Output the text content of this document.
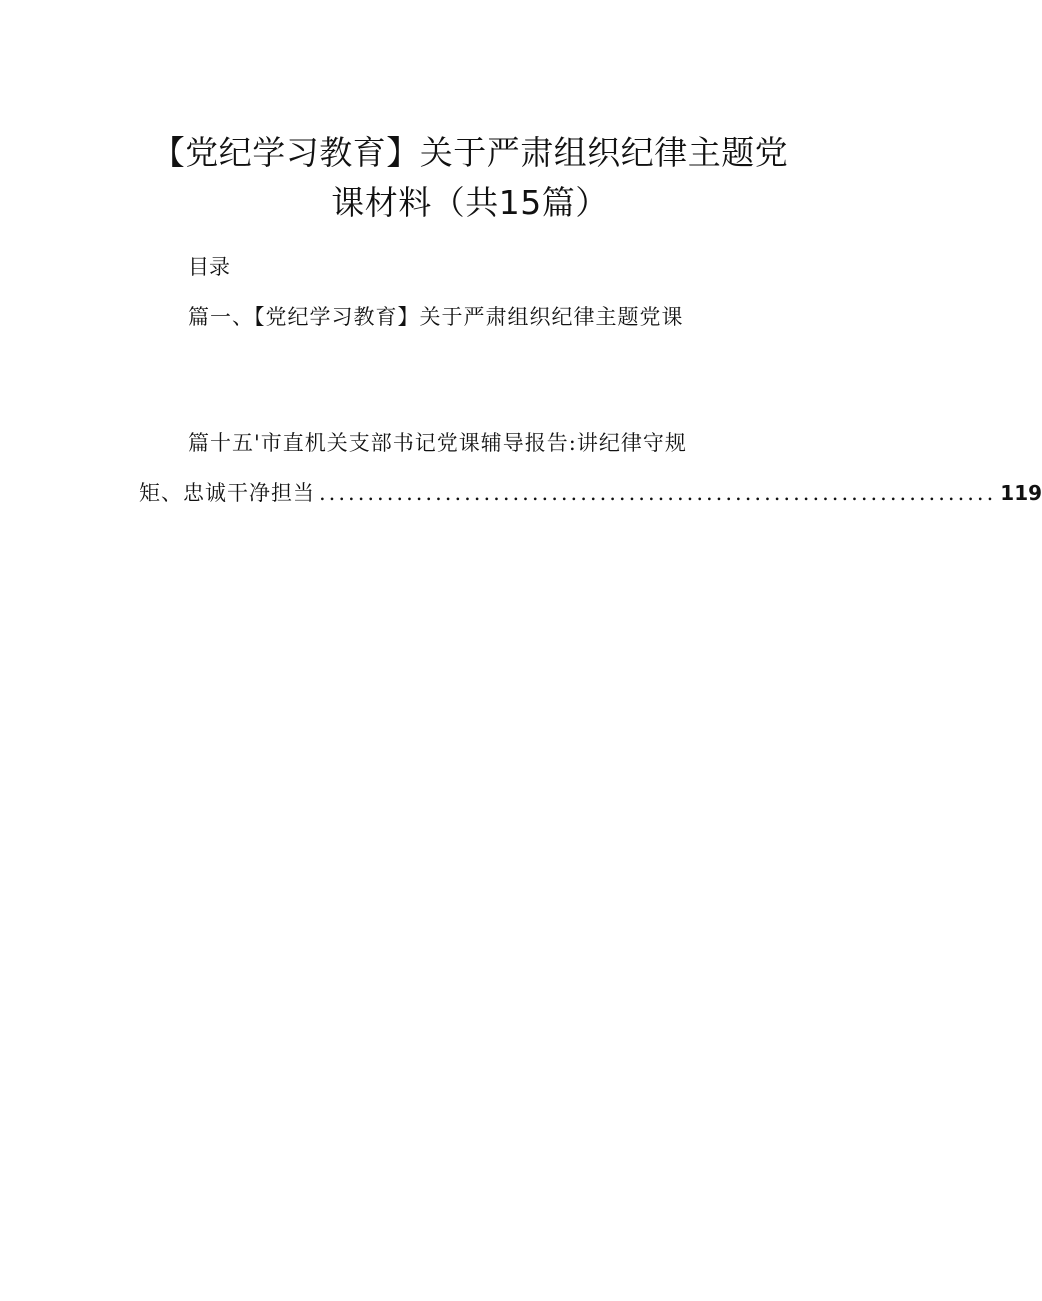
【党纪学习教育】关于严肃组织纪律主题党
课材料（共15篇）
目录
篇一、【党纪学习教育】关于严肃组织纪律主题党课
篇十五'市直机关支部书记党课辅导报告:讲纪律守规
矩、忠诚干净担当 ...................................................................... 119
